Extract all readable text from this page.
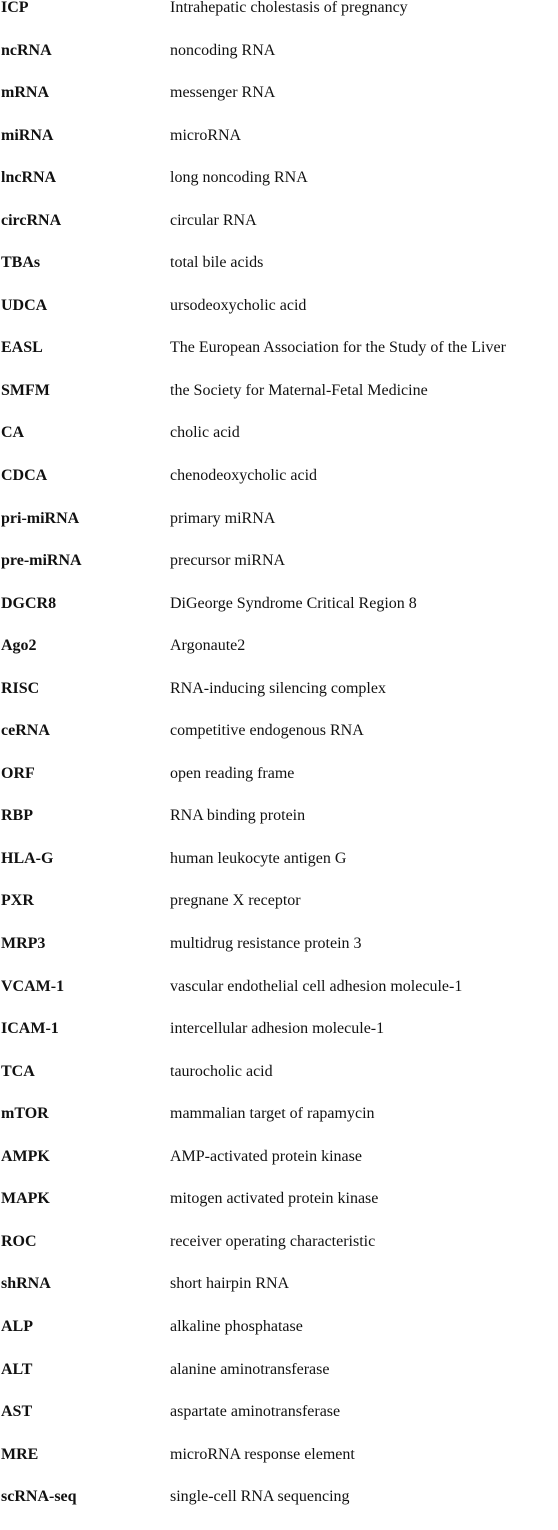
ICP	Intrahepatic cholestasis of pregnancy
ncRNA	noncoding RNA
mRNA	messenger RNA
miRNA	microRNA
lncRNA	long noncoding RNA
circRNA	circular RNA
TBAs	total bile acids
UDCA	ursodeoxycholic acid
EASL	The European Association for the Study of the Liver
SMFM	the Society for Maternal-Fetal Medicine
CA	cholic acid
CDCA	chenodeoxycholic acid
pri-miRNA	primary miRNA
pre-miRNA	precursor miRNA
DGCR8	DiGeorge Syndrome Critical Region 8
Ago2	Argonaute2
RISC	RNA-inducing silencing complex
ceRNA	competitive endogenous RNA
ORF	open reading frame
RBP	RNA binding protein
HLA-G	human leukocyte antigen G
PXR	pregnane X receptor
MRP3	multidrug resistance protein 3
VCAM-1	vascular endothelial cell adhesion molecule-1
ICAM-1	intercellular adhesion molecule-1
TCA	taurocholic acid
mTOR	mammalian target of rapamycin
AMPK	AMP-activated protein kinase
MAPK	mitogen activated protein kinase
ROC	receiver operating characteristic
shRNA	short hairpin RNA
ALP	alkaline phosphatase
ALT	alanine aminotransferase
AST	aspartate aminotransferase
MRE	microRNA response element
scRNA-seq	single-cell RNA sequencing
